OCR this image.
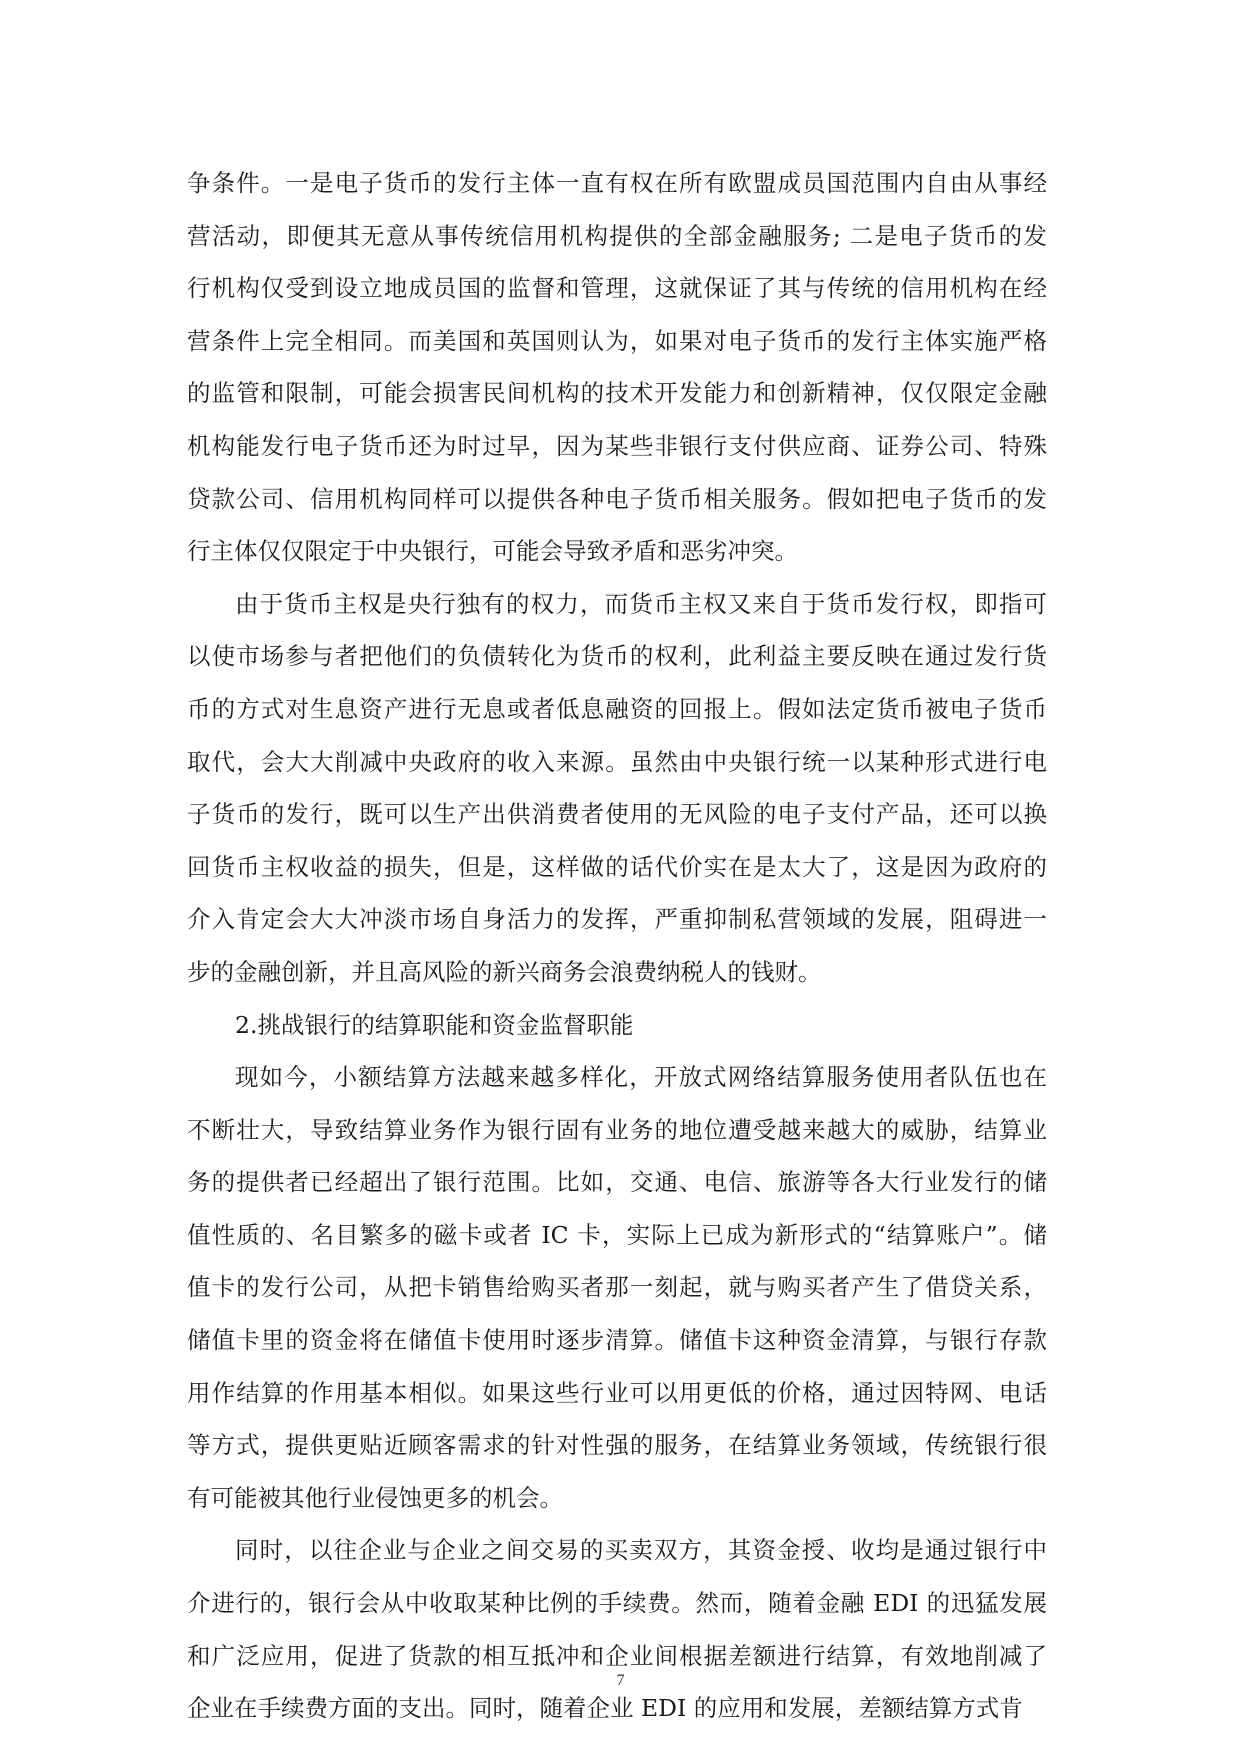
争条件。一是电子货币的发行主体一直有权在所有欧盟成员国范围内自由从事经
营活动，即便其无意从事传统信用机构提供的全部金融服务; 二是电子货币的发
行机构仅受到设立地成员国的监督和管理，这就保证了其与传统的信用机构在经
营条件上完全相同。而美国和英国则认为，如果对电子货币的发行主体实施严格
的监管和限制，可能会损害民间机构的技术开发能力和创新精神，仅仅限定金融
机构能发行电子货币还为时过早，因为某些非银行支付供应商、证券公司、特殊
贷款公司、信用机构同样可以提供各种电子货币相关服务。假如把电子货币的发
行主体仅仅限定于中央银行，可能会导致矛盾和恶劣冲突。
由于货币主权是央行独有的权力，而货币主权又来自于货币发行权，即指可
以使市场参与者把他们的负债转化为货币的权利，此利益主要反映在通过发行货
币的方式对生息资产进行无息或者低息融资的回报上。假如法定货币被电子货币
取代，会大大削减中央政府的收入来源。虽然由中央银行统一以某种形式进行电
子货币的发行，既可以生产出供消费者使用的无风险的电子支付产品，还可以换
回货币主权收益的损失，但是，这样做的话代价实在是太大了，这是因为政府的
介入肯定会大大冲淡市场自身活力的发挥，严重抑制私营领域的发展，阻碍进一
步的金融创新，并且高风险的新兴商务会浪费纳税人的钱财。
2.挑战银行的结算职能和资金监督职能
现如今，小额结算方法越来越多样化，开放式网络结算服务使用者队伍也在
不断壮大，导致结算业务作为银行固有业务的地位遭受越来越大的威胁，结算业
务的提供者已经超出了银行范围。比如，交通、电信、旅游等各大行业发行的储
值性质的、名目繁多的磁卡或者 IC 卡，实际上已成为新形式的“结算账户”。储
值卡的发行公司，从把卡销售给购买者那一刻起，就与购买者产生了借贷关系，
储值卡里的资金将在储值卡使用时逐步清算。储值卡这种资金清算，与银行存款
用作结算的作用基本相似。如果这些行业可以用更低的价格，通过因特网、电话
等方式，提供更贴近顾客需求的针对性强的服务，在结算业务领域，传统银行很
有可能被其他行业侵蚀更多的机会。
同时，以往企业与企业之间交易的买卖双方，其资金授、收均是通过银行中
介进行的，银行会从中收取某种比例的手续费。然而，随着金融 EDI 的迅猛发展
和广泛应用，促进了货款的相互抵冲和企业间根据差额进行结算，有效地削减了
企业在手续费方面的支出。同时，随着企业 EDI 的应用和发展，差额结算方式肯
7
